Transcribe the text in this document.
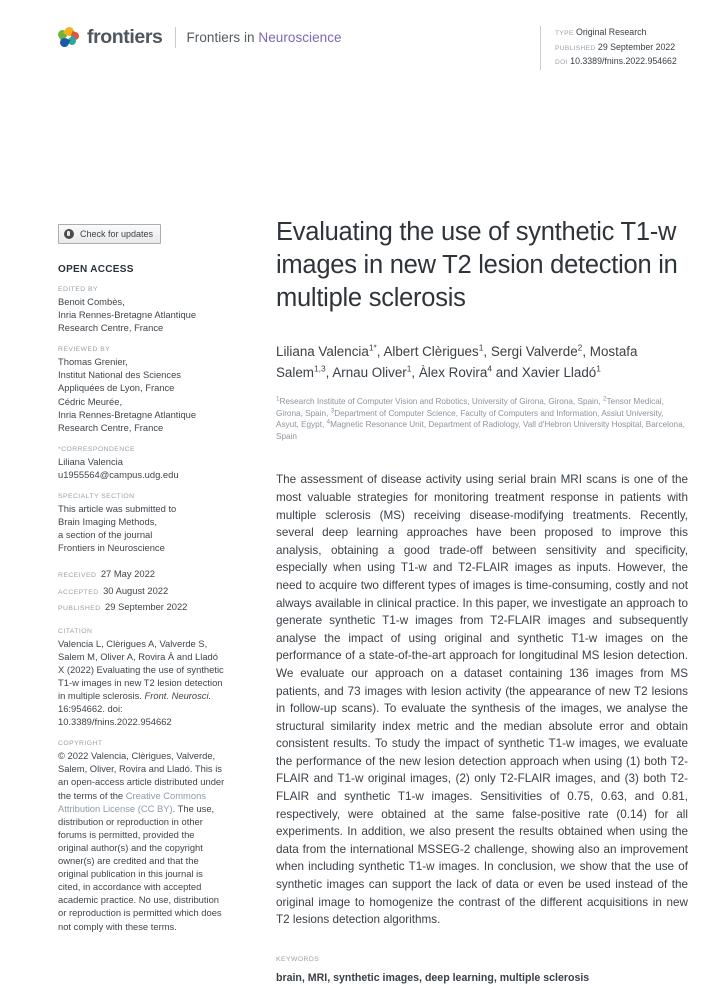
frontiers Frontiers in Neuroscience	TYPE Original Research
PUBLISHED 29 September 2022
DOI 10.3389/fnins.2022.954662
Check for updates
OPEN ACCESS
EDITED BY
Benoit Combès,
Inria Rennes-Bretagne Atlantique
Research Centre, France
REVIEWED BY
Thomas Grenier,
Institut National des Sciences
Appliquées de Lyon, France
Cédric Meurée,
Inria Rennes-Bretagne Atlantique
Research Centre, France
*CORRESPONDENCE
Liliana Valencia
u1955564@campus.udg.edu
SPECIALTY SECTION
This article was submitted to
Brain Imaging Methods,
a section of the journal
Frontiers in Neuroscience
RECEIVED 27 May 2022
ACCEPTED 30 August 2022
PUBLISHED 29 September 2022
CITATION
Valencia L, Clèrigues A, Valverde S, Salem M, Oliver A, Rovira À and Lladó X (2022) Evaluating the use of synthetic T1-w images in new T2 lesion detection in multiple sclerosis. Front. Neurosci. 16:954662. doi: 10.3389/fnins.2022.954662
COPYRIGHT
© 2022 Valencia, Clèrigues, Valverde, Salem, Oliver, Rovira and Lladó. This is an open-access article distributed under the terms of the Creative Commons Attribution License (CC BY). The use, distribution or reproduction in other forums is permitted, provided the original author(s) and the copyright owner(s) are credited and that the original publication in this journal is cited, in accordance with accepted academic practice. No use, distribution or reproduction is permitted which does not comply with these terms.
Evaluating the use of synthetic T1-w images in new T2 lesion detection in multiple sclerosis
Liliana Valencia$^{1*}$, Albert Clèrigues$^1$, Sergi Valverde$^2$, Mostafa Salem$^{1,3}$, Arnau Oliver$^1$, Àlex Rovira$^4$ and Xavier Lladó$^1$
$^1$Research Institute of Computer Vision and Robotics, University of Girona, Girona, Spain, $^2$Tensor Medical, Girona, Spain, $^3$Department of Computer Science, Faculty of Computers and Information, Assiut University, Asyut, Egypt, $^4$Magnetic Resonance Unit, Department of Radiology, Vall d'Hebron University Hospital, Barcelona, Spain
The assessment of disease activity using serial brain MRI scans is one of the most valuable strategies for monitoring treatment response in patients with multiple sclerosis (MS) receiving disease-modifying treatments. Recently, several deep learning approaches have been proposed to improve this analysis, obtaining a good trade-off between sensitivity and specificity, especially when using T1-w and T2-FLAIR images as inputs. However, the need to acquire two different types of images is time-consuming, costly and not always available in clinical practice. In this paper, we investigate an approach to generate synthetic T1-w images from T2-FLAIR images and subsequently analyse the impact of using original and synthetic T1-w images on the performance of a state-of-the-art approach for longitudinal MS lesion detection. We evaluate our approach on a dataset containing 136 images from MS patients, and 73 images with lesion activity (the appearance of new T2 lesions in follow-up scans). To evaluate the synthesis of the images, we analyse the structural similarity index metric and the median absolute error and obtain consistent results. To study the impact of synthetic T1-w images, we evaluate the performance of the new lesion detection approach when using (1) both T2-FLAIR and T1-w original images, (2) only T2-FLAIR images, and (3) both T2-FLAIR and synthetic T1-w images. Sensitivities of 0.75, 0.63, and 0.81, respectively, were obtained at the same false-positive rate (0.14) for all experiments. In addition, we also present the results obtained when using the data from the international MSSEG-2 challenge, showing also an improvement when including synthetic T1-w images. In conclusion, we show that the use of synthetic images can support the lack of data or even be used instead of the original image to homogenize the contrast of the different acquisitions in new T2 lesions detection algorithms.
KEYWORDS
brain, MRI, synthetic images, deep learning, multiple sclerosis
